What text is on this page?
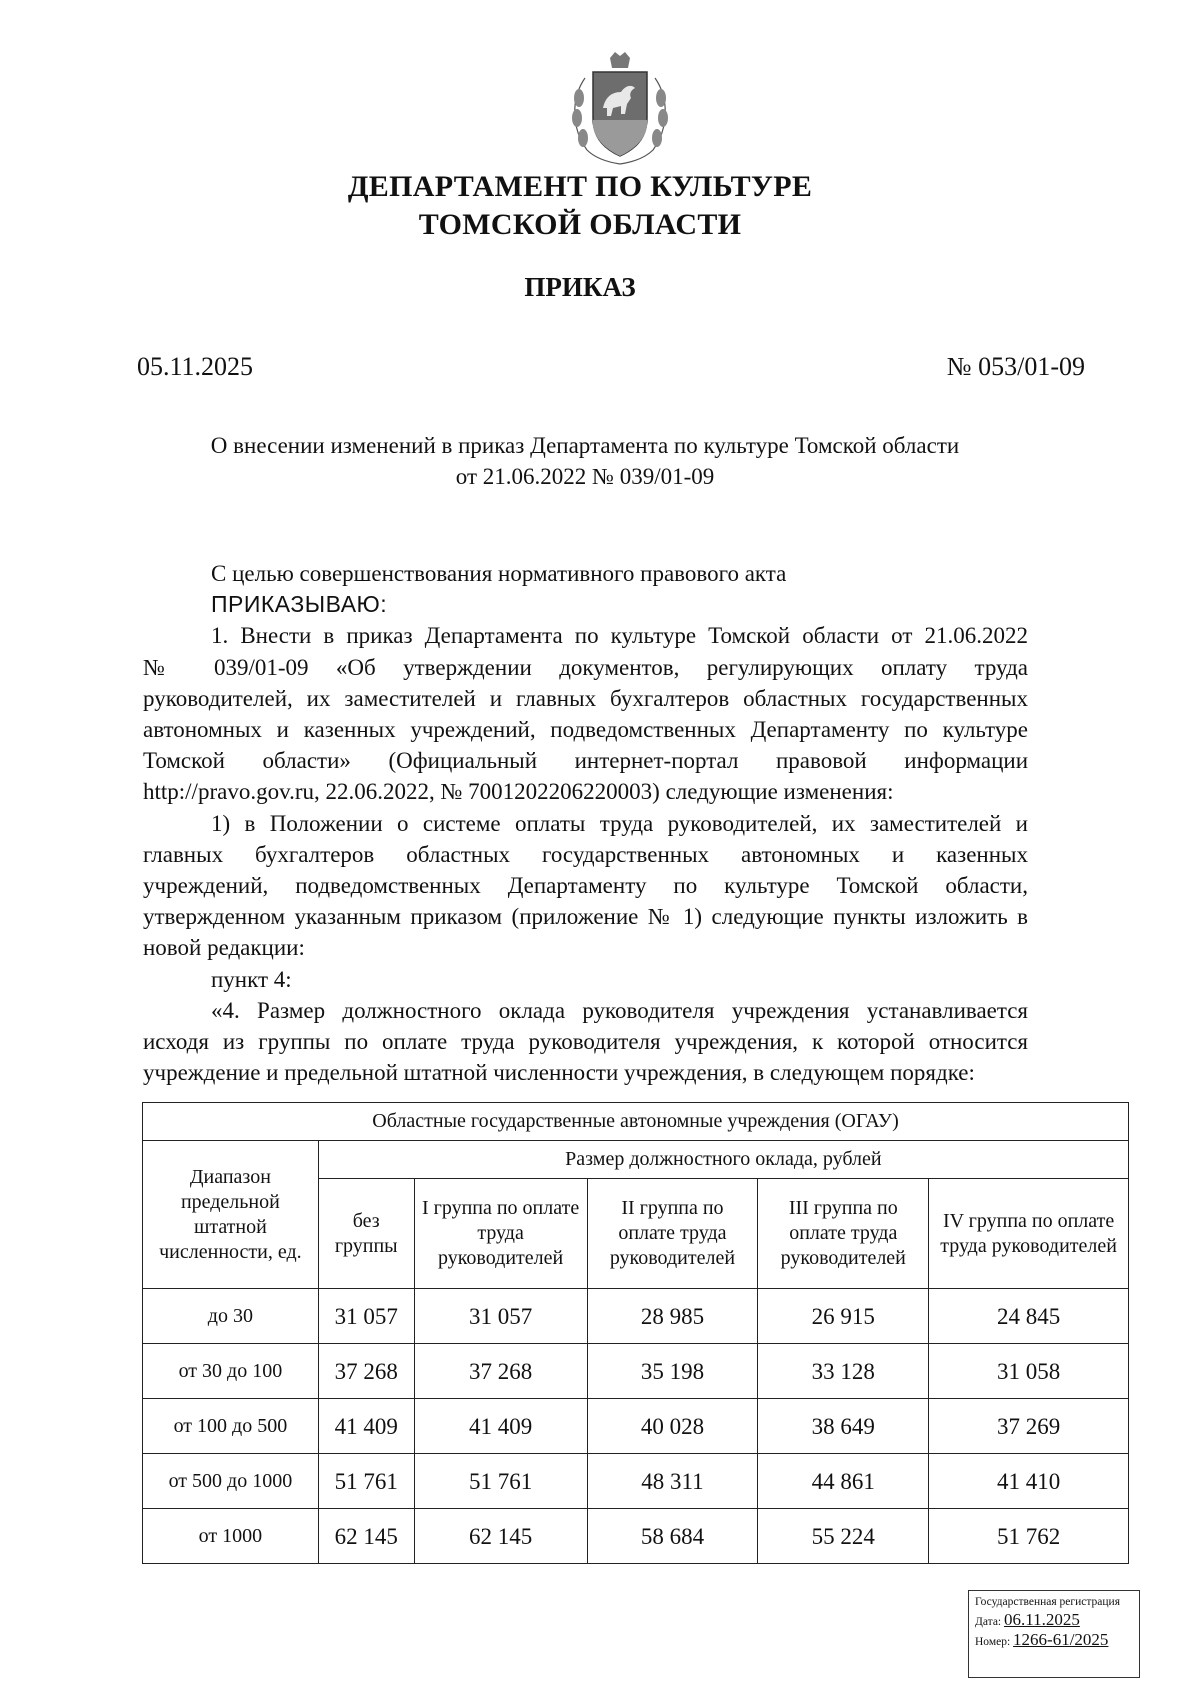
ДЕПАРТАМЕНТ ПО КУЛЬТУРЕ
ТОМСКОЙ ОБЛАСТИ
ПРИКАЗ
05.11.2025	№ 053/01-09
О внесении изменений в приказ Департамента по культуре Томской области
от 21.06.2022 № 039/01-09

С целью совершенствования нормативного правового акта

ПРИКАЗЫВАЮ:

1. Внести в приказ Департамента по культуре Томской области от 21.06.2022

№ 039/01-09 «Об утверждении документов, регулирующих оплату труда

руководителей, их заместителей и главных бухгалтеров областных государственных

автономных и казенных учреждений, подведомственных Департаменту по культуре

Томской области» (Официальный интернет-портал правовой информации

http://pravo.gov.ru, 22.06.2022, № 7001202206220003) следующие изменения:

1) в Положении о системе оплаты труда руководителей, их заместителей и

главных бухгалтеров областных государственных автономных и казенных

учреждений, подведомственных Департаменту по культуре Томской области,

утвержденном указанным приказом (приложение № 1) следующие пункты изложить в

новой редакции:

пункт 4:

«4. Размер должностного оклада руководителя учреждения устанавливается

исходя из группы по оплате труда руководителя учреждения, к которой относится

учреждение и предельной штатной численности учреждения, в следующем порядке:

Областные государственные автономные учреждения (ОГАУ)					
Диапазон предельной штатной численности, ед.	Размер должностного оклада, рублей				
	без группы	I группа по оплате труда руководителей	II группа по оплате труда руководителей	III группа по оплате труда руководителей	IV группа по оплате труда руководителей
до 30	31 057	31 057	28 985	26 915	24 845
от 30 до 100	37 268	37 268	35 198	33 128	31 058
от 100 до 500	41 409	41 409	40 028	38 649	37 269
от 500 до 1000	51 761	51 761	48 311	44 861	41 410
от 1000	62 145	62 145	58 684	55 224	51 762
Государственная регистрация
Дата: 06.11.2025
Номер: 1266-61/2025
